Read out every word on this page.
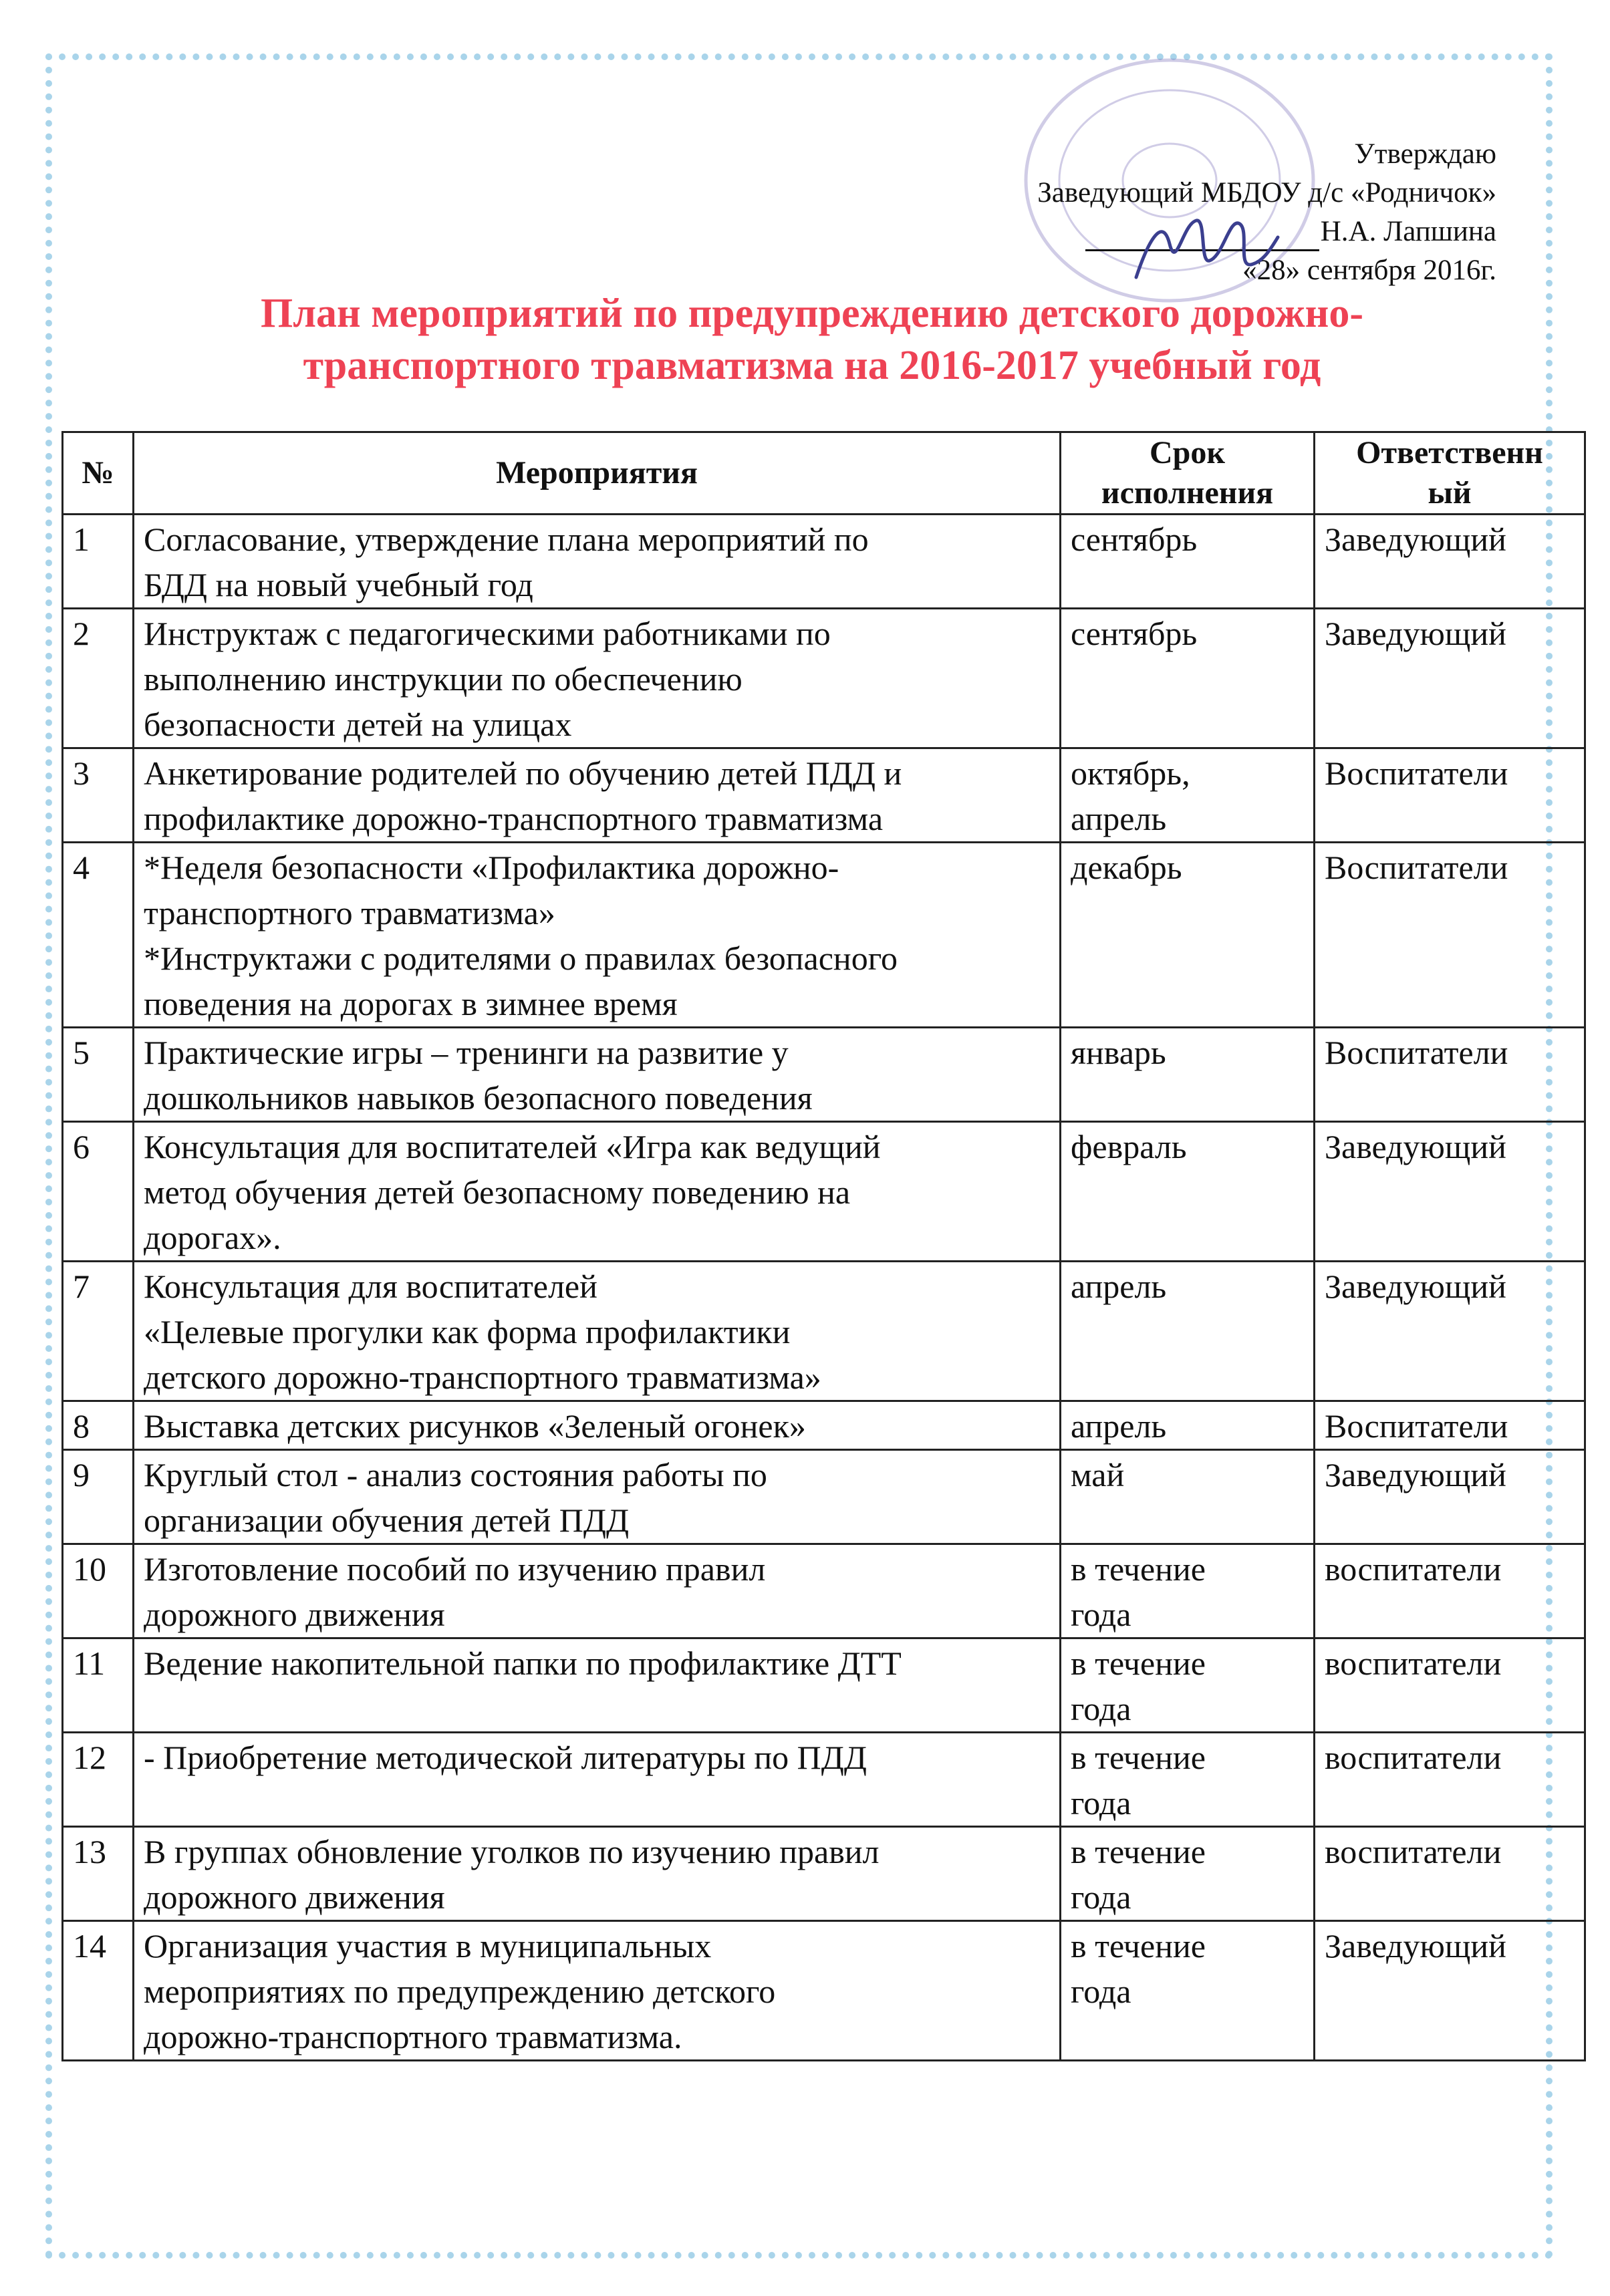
Утверждаю
Заведующий МБДОУ д/с «Родничок»
Н.А. Лапшина
«28» сентября 2016г.
План мероприятий по предупреждению детского дорожно-
транспортного травматизма на 2016-2017 учебный год
№	Мероприятия	Срок
исполнения	Ответственн
ый

1	Согласование, утверждение плана мероприятий по
БДД на новый учебный год	сентябрь	Заведующий
2	Инструктаж с педагогическими работниками по
выполнению инструкции по обеспечению
безопасности детей на улицах	сентябрь	Заведующий
3	Анкетирование родителей по обучению детей ПДД и
профилактике дорожно-транспортного травматизма	октябрь,
апрель	Воспитатели
4	*Неделя безопасности «Профилактика дорожно-
транспортного травматизма»
*Инструктажи с родителями о правилах безопасного
поведения на дорогах в зимнее время	декабрь	Воспитатели
5	Практические игры – тренинги на развитие у
дошкольников навыков безопасного поведения	январь	Воспитатели
6	Консультация для воспитателей «Игра как ведущий
метод обучения детей безопасному поведению на
дорогах».	февраль	Заведующий
7	Консультация для воспитателей
«Целевые прогулки как форма профилактики
детского дорожно-транспортного травматизма»	апрель	Заведующий
8	Выставка детских рисунков «Зеленый огонек»	апрель	Воспитатели
9	Круглый стол - анализ состояния работы по
организации обучения детей ПДД	май	Заведующий
10	Изготовление пособий по изучению правил
дорожного движения	в течение
года	воспитатели
11	Ведение накопительной папки по профилактике ДТТ	в течение
года	воспитатели
12	- Приобретение методической литературы по ПДД	в течение
года	воспитатели
13	В группах обновление уголков по изучению правил
дорожного движения	в течение
года	воспитатели
14	Организация участия в муниципальных
мероприятиях по предупреждению детского
дорожно-транспортного травматизма.	в течение
года	Заведующий
